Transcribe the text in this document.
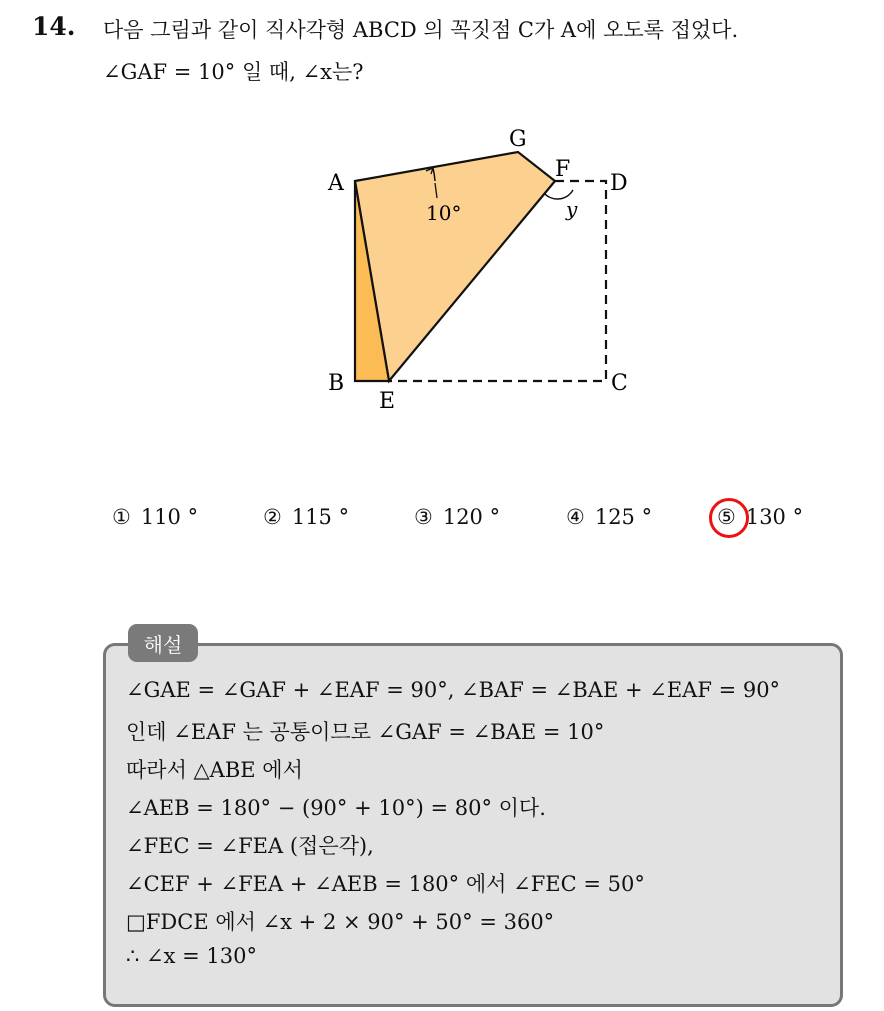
14. 다음 그림과 같이 직사각형 ABCD 의 꼭짓점 C가 A에 오도록 접었다.
∠GAF = 10° 일 때, ∠x는?
G
F
D
A
B
E
C
10°	y
① 110 °	② 115 °	③ 120 °	④ 125 °	⑤ 130 °
해설
∠GAE = ∠GAF + ∠EAF = 90°, ∠BAF = ∠BAE + ∠EAF = 90°
인데 ∠EAF 는 공통이므로 ∠GAF = ∠BAE = 10°
따라서 △ABE 에서
∠AEB = 180° − (90° + 10°) = 80° 이다.
∠FEC = ∠FEA (접은각),
∠CEF + ∠FEA + ∠AEB = 180° 에서 ∠FEC = 50°
□FDCE 에서 ∠x + 2 × 90° + 50° = 360°
∴ ∠x = 130°
